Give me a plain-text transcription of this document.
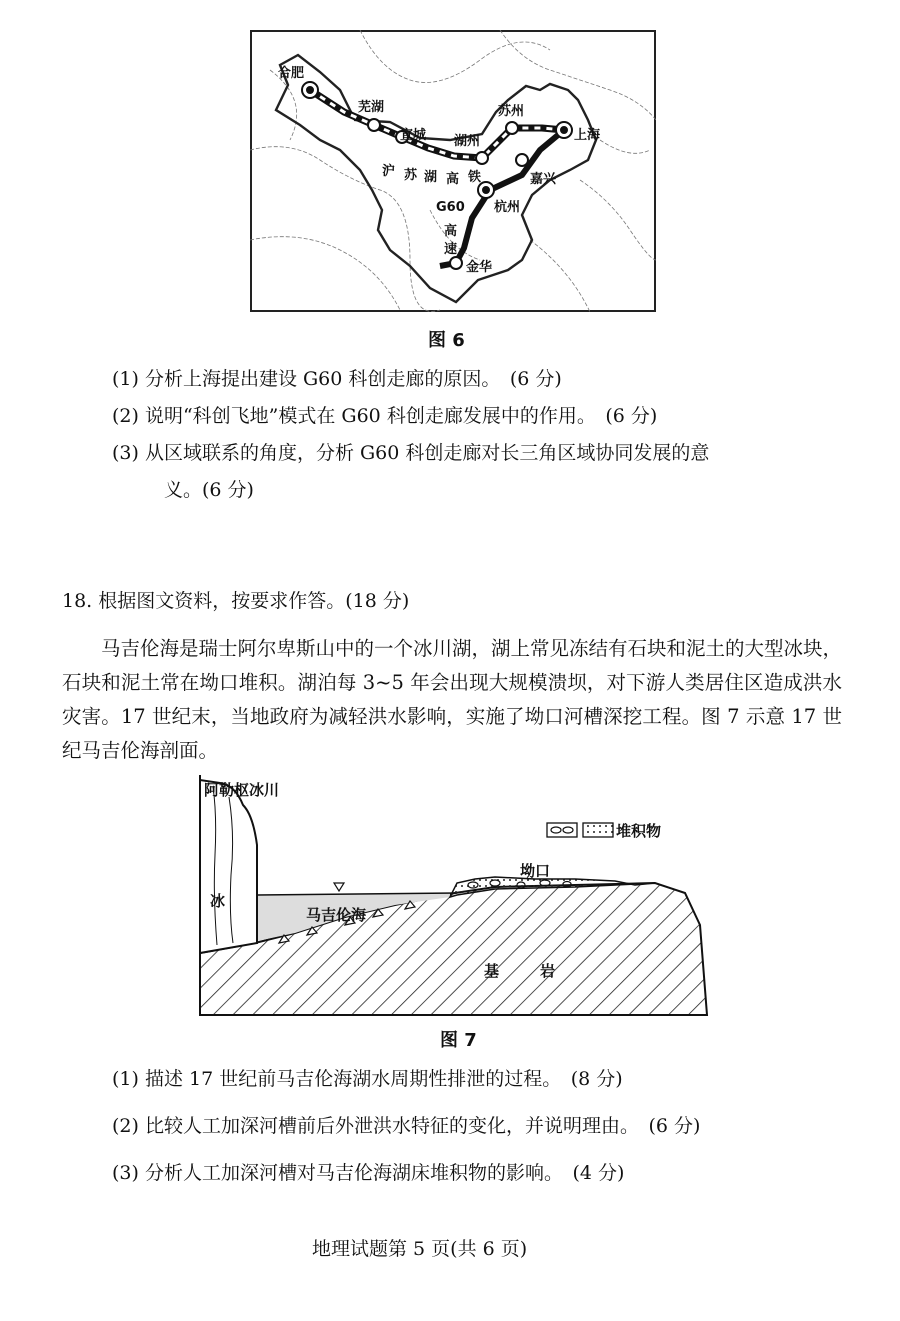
合肥
芜湖
宣城 湖州
苏州
上海
嘉兴
杭州
金华
沪 苏 湖 高 铁
G60
高
速
图 6
(1) 分析上海提出建设 G60 科创走廊的原因。　(6 分)
(2) 说明“科创飞地”模式在 G60 科创走廊发展中的作用。　(6 分)
(3) 从区域联系的角度，分析 G60 科创走廊对长三角区域协同发展的意
义。(6 分)
18. 根据图文资料，按要求作答。(18 分)
马吉伦海是瑞士阿尔卑斯山中的一个冰川湖，湖上常见冻结有石块和泥土的大型冰块，石块和泥土常在坳口堆积。湖泊每 3~5 年会出现大规模溃坝，对下游人类居住区造成洪水灾害。17 世纪末，当地政府为减轻洪水影响，实施了坳口河槽深挖工程。图 7 示意 17 世纪马吉伦海剖面。
阿勒枢冰川
冰
马吉伦海
坳口
基	岩
堆积物
图 7
(1) 描述 17 世纪前马吉伦海湖水周期性排泄的过程。　(8 分)
(2) 比较人工加深河槽前后外泄洪水特征的变化，并说明理由。　(6 分)
(3) 分析人工加深河槽对马吉伦海湖床堆积物的影响。　(4 分)
地理试题第 5 页(共 6 页)
